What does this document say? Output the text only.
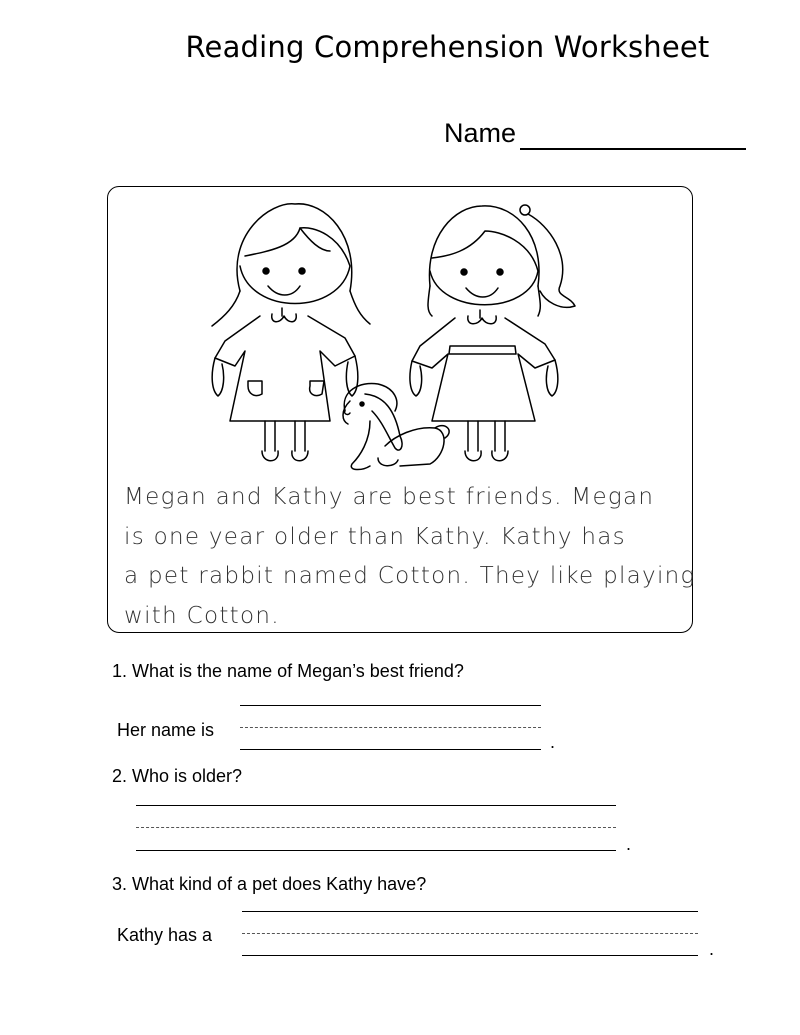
Reading Comprehension Worksheet
Name
Megan and Kathy are best friends. Megan
is one year older than Kathy. Kathy has
a pet rabbit named Cotton. They like playing
with Cotton.
1. What is the name of Megan’s best friend?
Her name is
.
2. Who is older?
.
3. What kind of a pet does Kathy have?
Kathy has a
.
